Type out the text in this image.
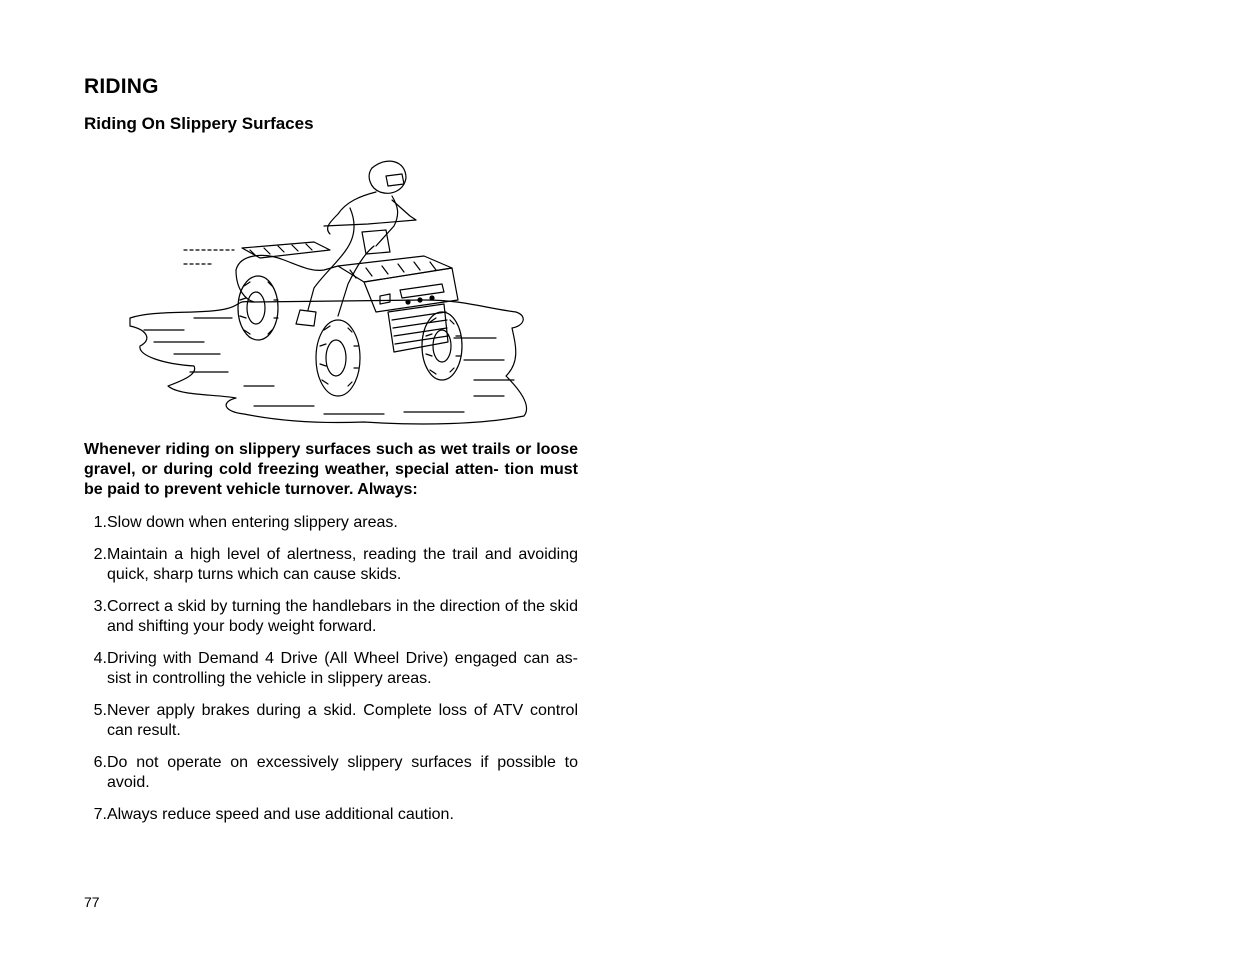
RIDING
Riding On Slippery Surfaces

Whenever riding on slippery surfaces such as wet trails or loose gravel, or during cold freezing weather, special atten- tion must be paid to prevent vehicle turnover. Always:

1. Slow down when entering slippery areas.
2. Maintain a high level of alertness, reading the trail and avoiding quick, sharp turns which can cause skids.
3. Correct a skid by turning the handlebars in the direction of the skid and shifting your body weight forward.
4. Driving with Demand 4 Drive (All Wheel Drive) engaged can as- sist in controlling the vehicle in slippery areas.
5. Never apply brakes during a skid. Complete loss of ATV control can result.
6. Do not operate on excessively slippery surfaces if possible to avoid.
7. Always reduce speed and use additional caution.
77
